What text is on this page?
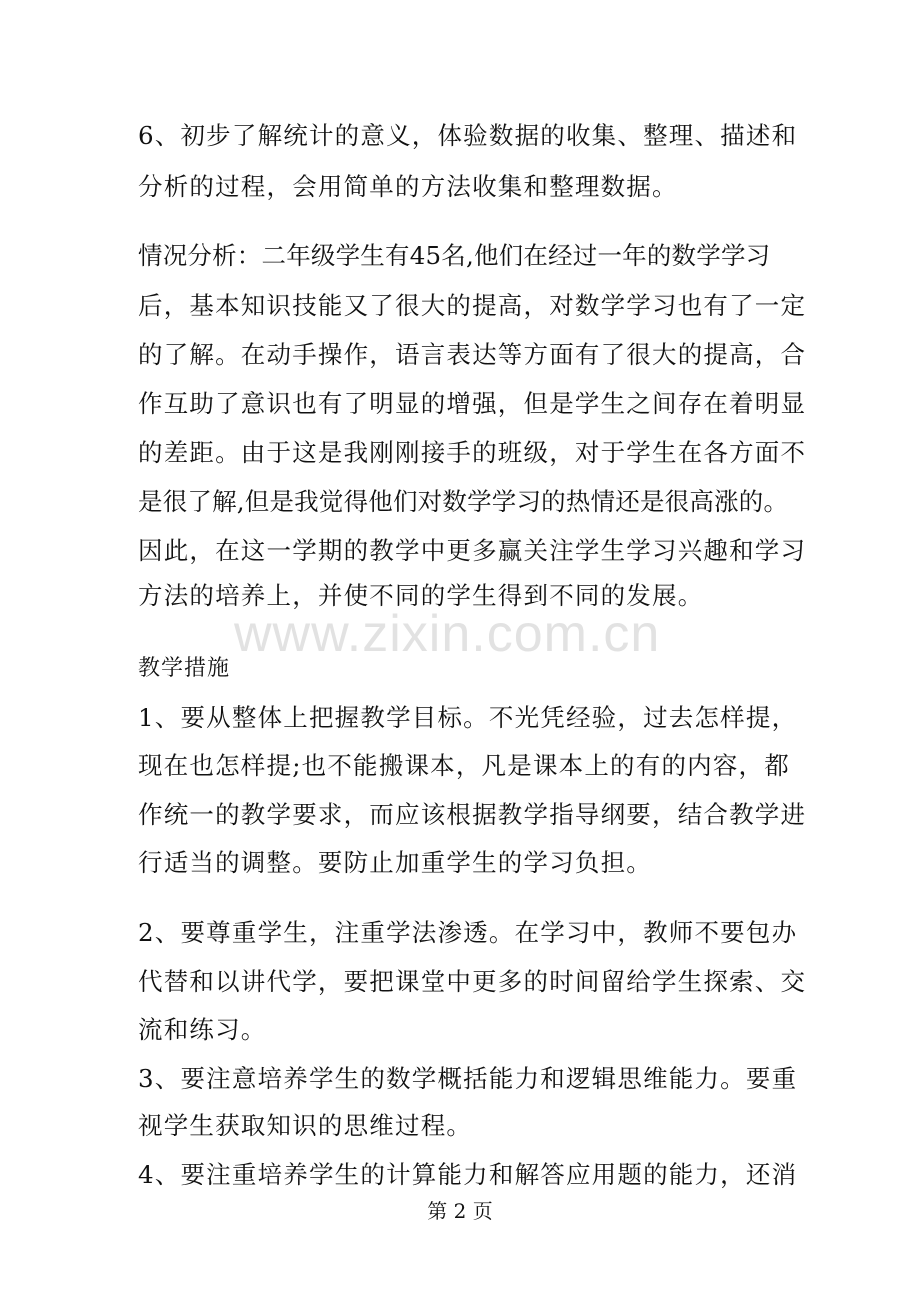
6、初步了解统计的意义，体验数据的收集、整理、描述和

分析的过程，会用简单的方法收集和整理数据。

情况分析：二年级学生有45名,他们在经过一年的数学学习

后，基本知识技能又了很大的提高，对数学学习也有了一定

的了解。在动手操作，语言表达等方面有了很大的提高，合

作互助了意识也有了明显的增强，但是学生之间存在着明显

的差距。由于这是我刚刚接手的班级，对于学生在各方面不

是很了解,但是我觉得他们对数学学习的热情还是很高涨的。

因此，在这一学期的教学中更多赢关注学生学习兴趣和学习

方法的培养上，并使不同的学生得到不同的发展。

www.zixin.com.cn

教学措施

1、要从整体上把握教学目标。不光凭经验，过去怎样提，

现在也怎样提;也不能搬课本，凡是课本上的有的内容，都

作统一的教学要求，而应该根据教学指导纲要，结合教学进

行适当的调整。要防止加重学生的学习负担。

2、要尊重学生，注重学法渗透。在学习中，教师不要包办

代替和以讲代学，要把课堂中更多的时间留给学生探索、交

流和练习。

3、要注意培养学生的数学概括能力和逻辑思维能力。要重

视学生获取知识的思维过程。

4、要注重培养学生的计算能力和解答应用题的能力，还消

第 2 页
